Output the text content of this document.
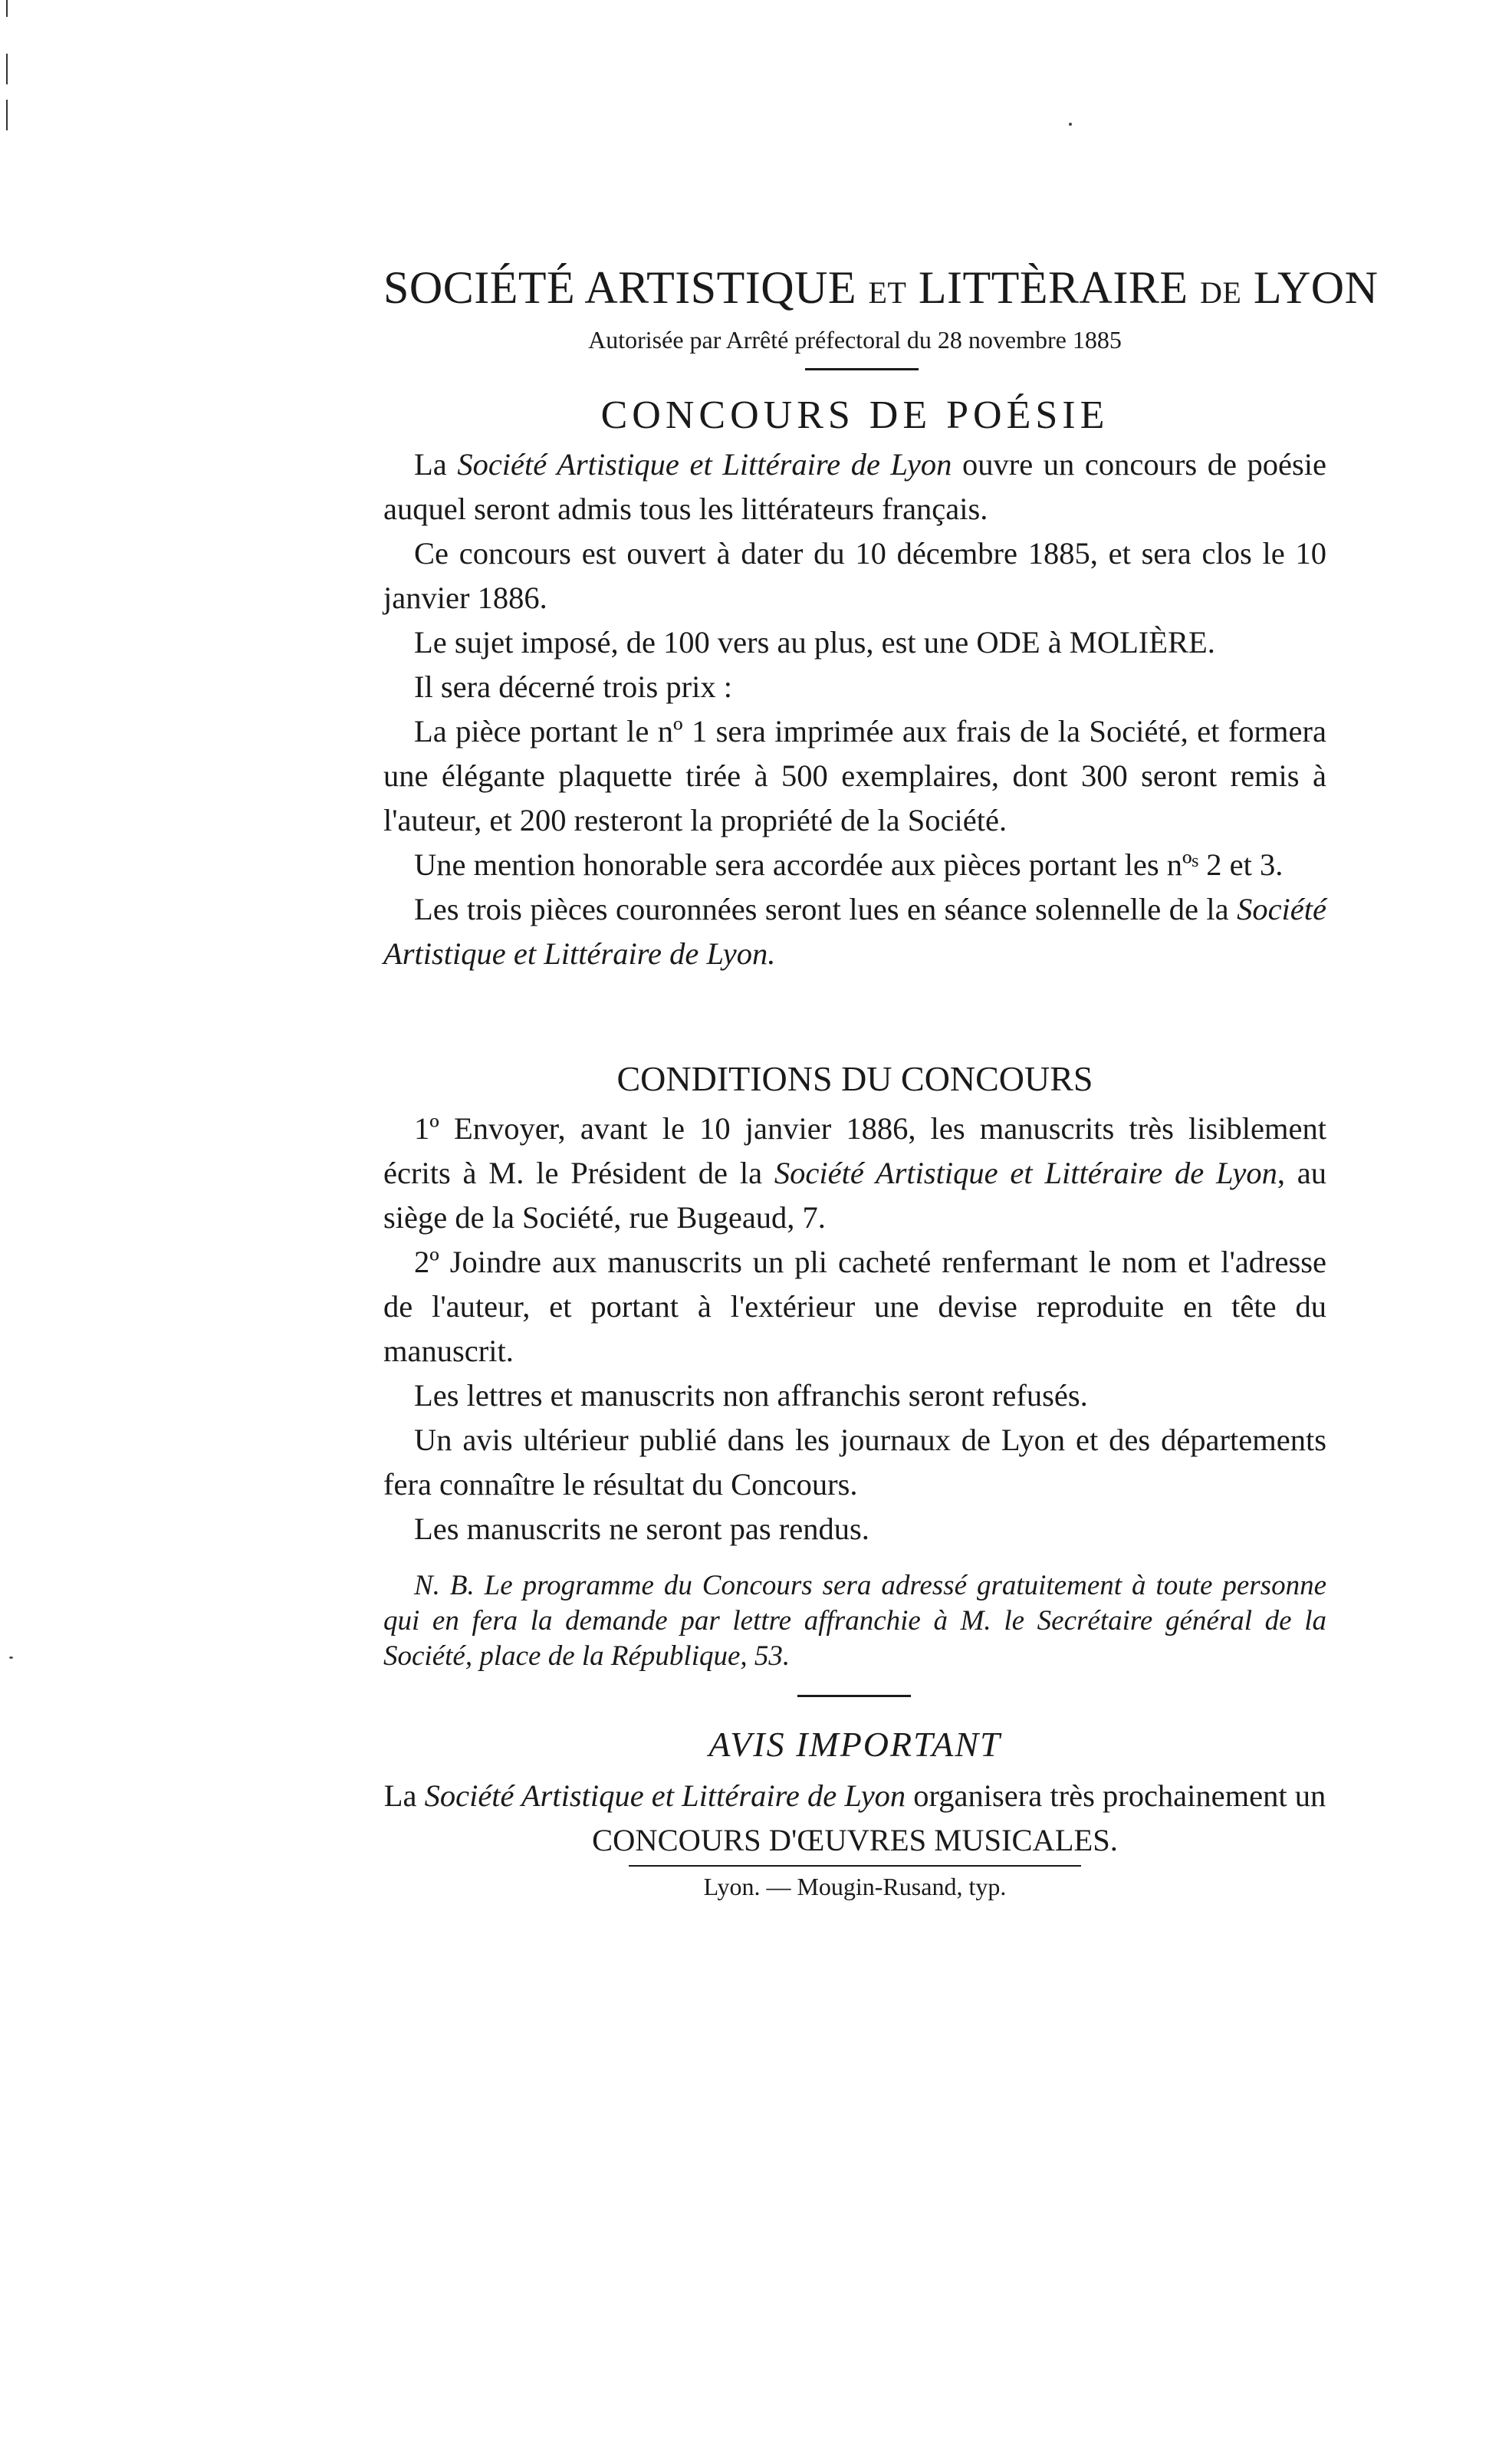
SOCIÉTÉ ARTISTIQUE ET LITTÈRAIRE DE LYON
Autorisée par Arrêté préfectoral du 28 novembre 1885
CONCOURS DE POÉSIE

La Société Artistique et Littéraire de Lyon ouvre un concours de poésie auquel seront admis tous les littérateurs français.

Ce concours est ouvert à dater du 10 décembre 1885, et sera clos le 10 janvier 1886.

Le sujet imposé, de 100 vers au plus, est une ODE à MOLIÈRE.

Il sera décerné trois prix :

La pièce portant le nº 1 sera imprimée aux frais de la Société, et formera une élégante plaquette tirée à 500 exemplaires, dont 300 seront remis à l'auteur, et 200 resteront la propriété de la Société.

Une mention honorable sera accordée aux pièces portant les nºˢ 2 et 3.

Les trois pièces couronnées seront lues en séance solennelle de la Société Artistique et Littéraire de Lyon.

CONDITIONS DU CONCOURS

1º Envoyer, avant le 10 janvier 1886, les manuscrits très lisiblement écrits à M. le Président de la Société Artistique et Littéraire de Lyon, au siège de la Société, rue Bugeaud, 7.

2º Joindre aux manuscrits un pli cacheté renfermant le nom et l'adresse de l'auteur, et portant à l'extérieur une devise reproduite en tête du manuscrit.

Les lettres et manuscrits non affranchis seront refusés.

Un avis ultérieur publié dans les journaux de Lyon et des départements fera connaître le résultat du Concours.

Les manuscrits ne seront pas rendus.

N. B. Le programme du Concours sera adressé gratuitement à toute personne qui en fera la demande par lettre affranchie à M. le Secrétaire général de la Société, place de la République, 53.

AVIS IMPORTANT

La Société Artistique et Littéraire de Lyon organisera très prochainement un CONCOURS D'ŒUVRES MUSICALES.

Lyon. — Mougin-Rusand, typ.
